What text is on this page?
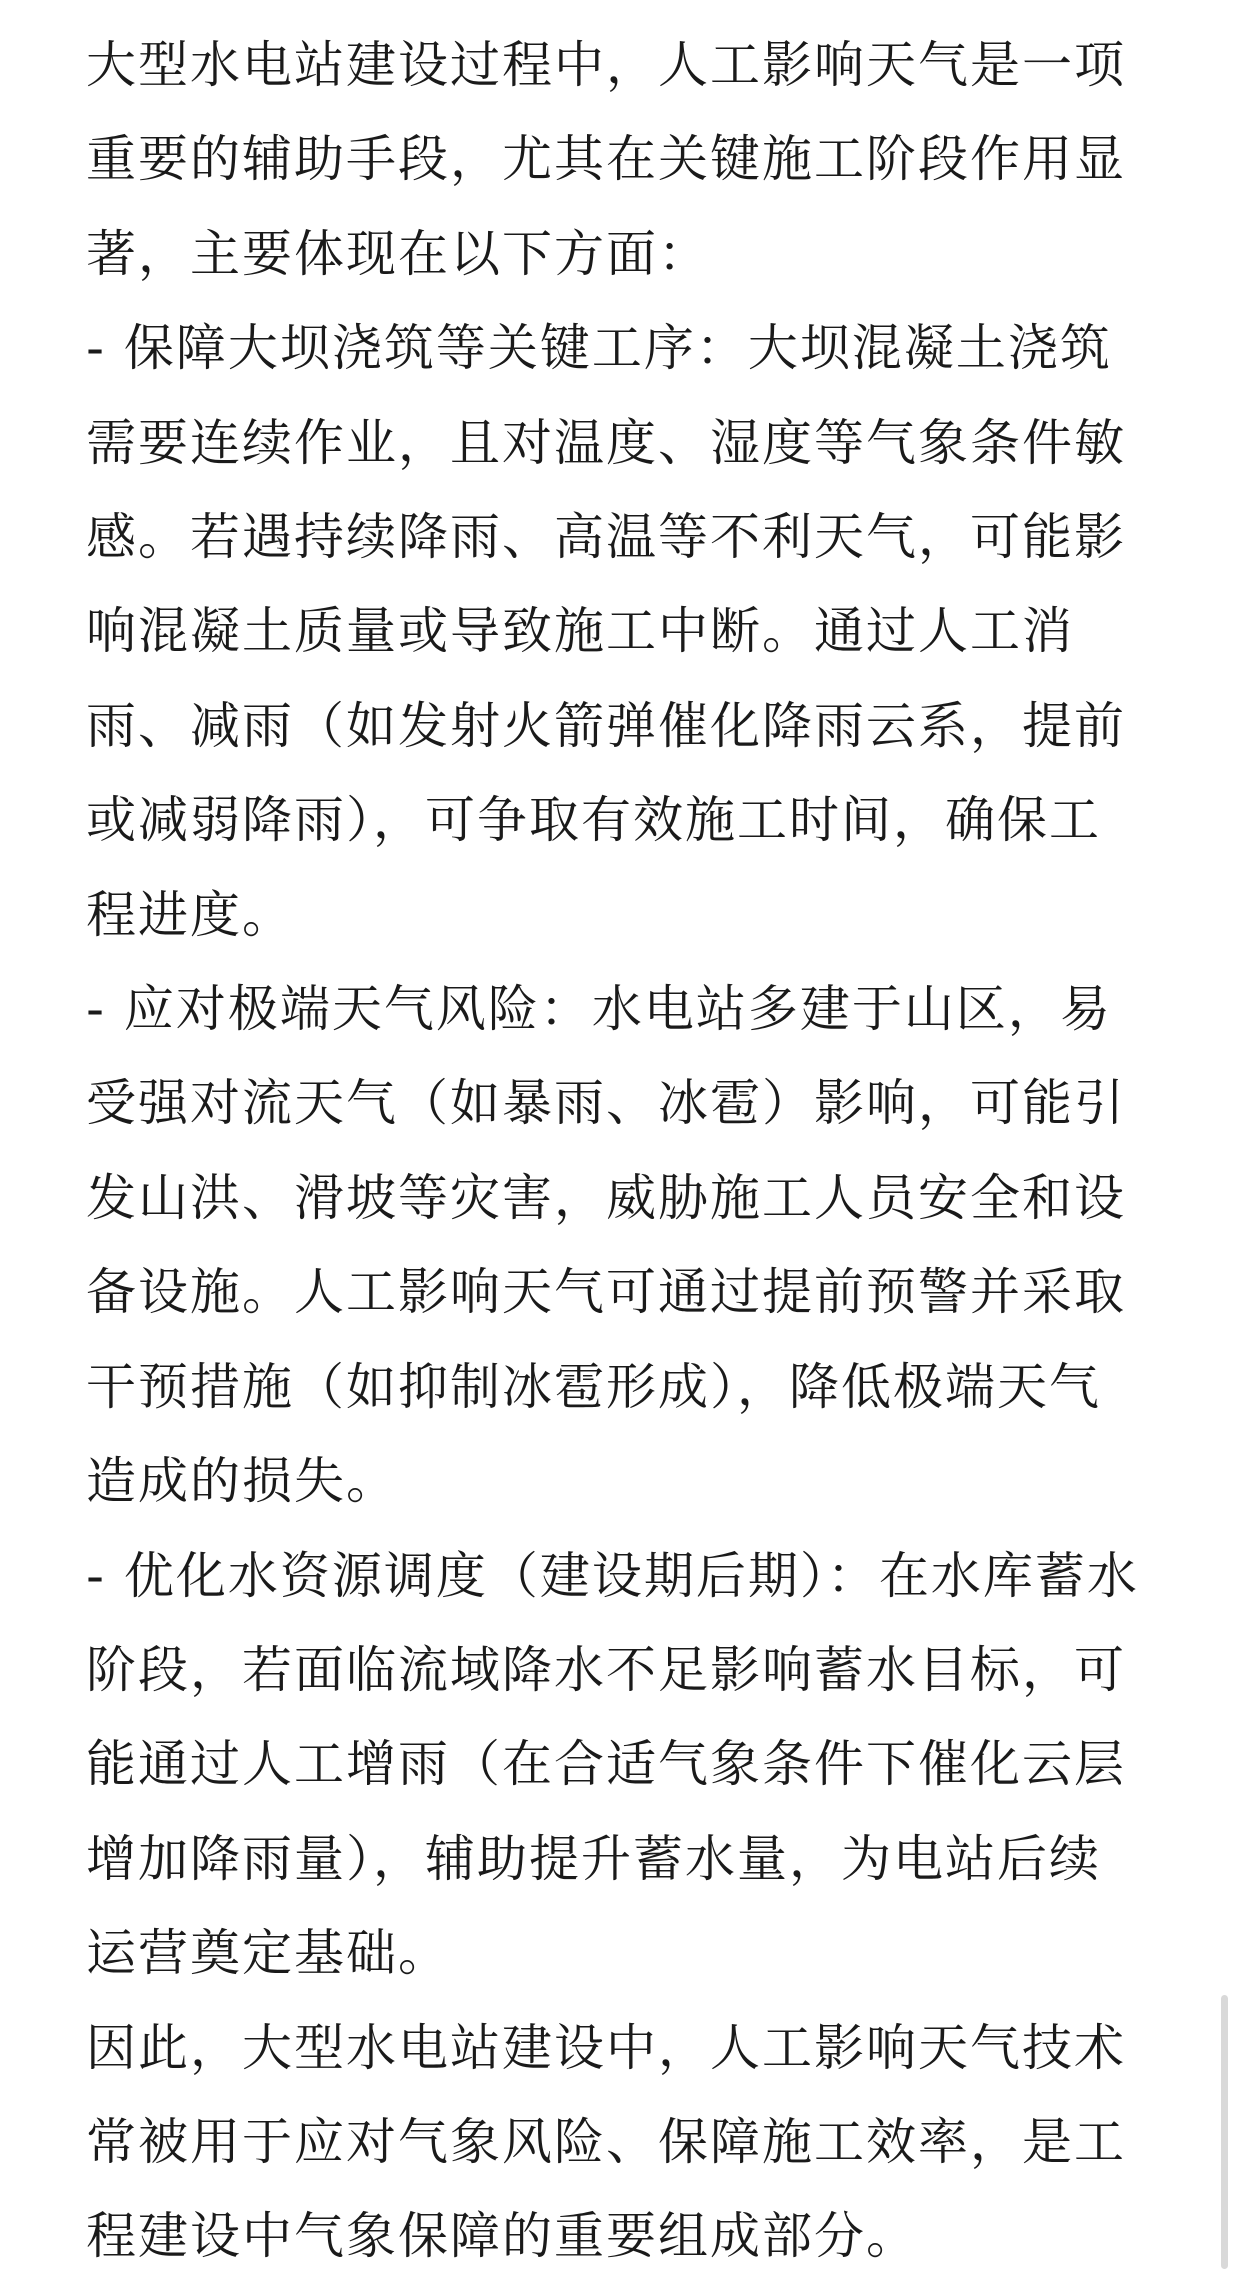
大型水电站建设过程中，人工影响天气是一项重要的辅助手段，尤其在关键施工阶段作用显著，主要体现在以下方面：

- 保障大坝浇筑等关键工序：大坝混凝土浇筑需要连续作业，且对温度、湿度等气象条件敏感。若遇持续降雨、高温等不利天气，可能影响混凝土质量或导致施工中断。通过人工消雨、减雨（如发射火箭弹催化降雨云系，提前或减弱降雨），可争取有效施工时间，确保工程进度。

- 应对极端天气风险：水电站多建于山区，易受强对流天气（如暴雨、冰雹）影响，可能引发山洪、滑坡等灾害，威胁施工人员安全和设备设施。人工影响天气可通过提前预警并采取干预措施（如抑制冰雹形成），降低极端天气造成的损失。

- 优化水资源调度（建设期后期）：在水库蓄水阶段，若面临流域降水不足影响蓄水目标，可能通过人工增雨（在合适气象条件下催化云层增加降雨量），辅助提升蓄水量，为电站后续运营奠定基础。

因此，大型水电站建设中，人工影响天气技术常被用于应对气象风险、保障施工效率，是工程建设中气象保障的重要组成部分。
